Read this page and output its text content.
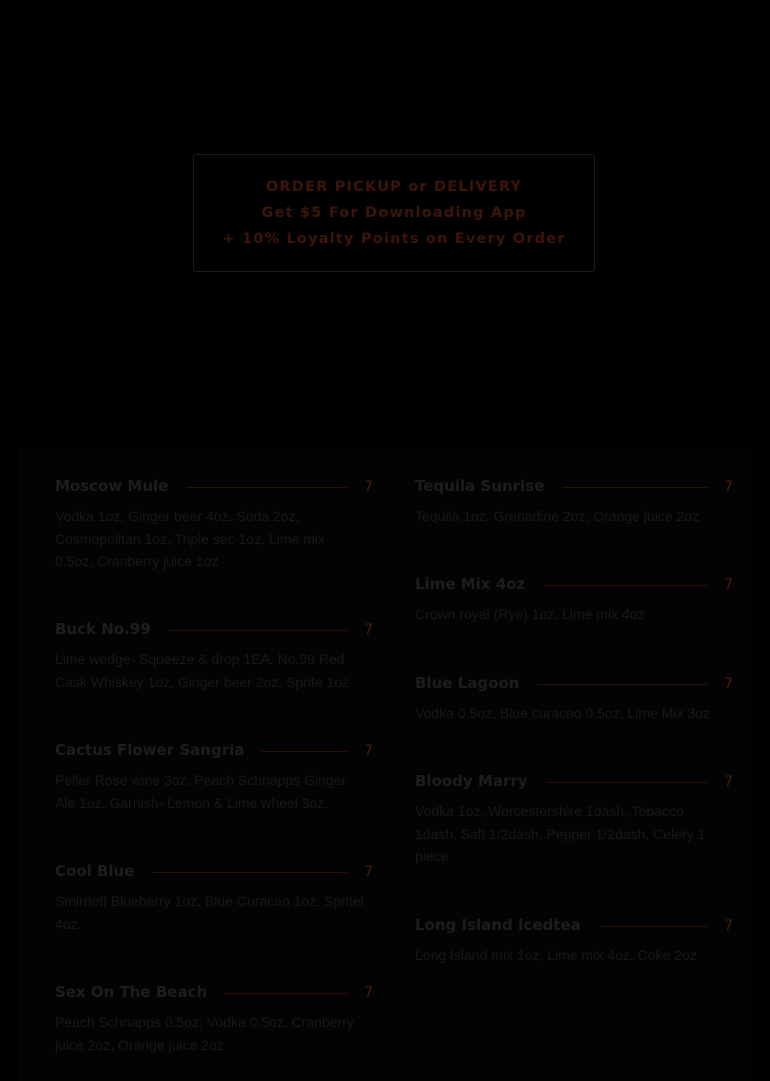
ORDER PICKUP or DELIVERY
Get $5 For Downloading App
+ 10% Loyalty Points on Every Order
Moscow Mule	7
Vodka 1oz, Ginger beer 4oz, Soda 2oz, Cosmopolitan 1oz, Triple sec 1oz, Lime mix 0.5oz, Cranberry juice 1oz
Buck No.99	7
Lime wedge- Squeeze & drop 1EA, No.99 Red Cask Whiskey 1oz, Ginger beer 2oz, Sprite 1oz
Cactus Flower Sangria	7
Peller Rose wine 3oz, Peach Schnapps Ginger Ale 1oz, Garnish- Lemon & Lime wheel 3oz.
Cool Blue	7
Smirnoff Blueberry 1oz, Blue Curacao 1oz, Spritel 4oz.
Sex On The Beach	7
Peach Schnapps 0.5oz, Vodka 0.5oz, Cranberry juice 2oz, Orange juice 2oz
Tequila Sunrise	7
Tequila 1oz, Grenadine 2oz, Orange juice 2oz
Lime Mix 4oz	7
Crown royal (Rye) 1oz, Lime mix 4oz
Blue Lagoon	7
Vodka 0.5oz, Blue curacao 0.5oz, Lime Mix 3oz
Bloody Marry	7
Vodka 1oz, Worcestershire 1dash, Tobacco 1dash, Salt 1/2dash, Pepper 1/2dash, Celery 1 piece
Long Island Icedtea	7
Long Island mix 1oz, Lime mix 4oz, Coke 2oz
